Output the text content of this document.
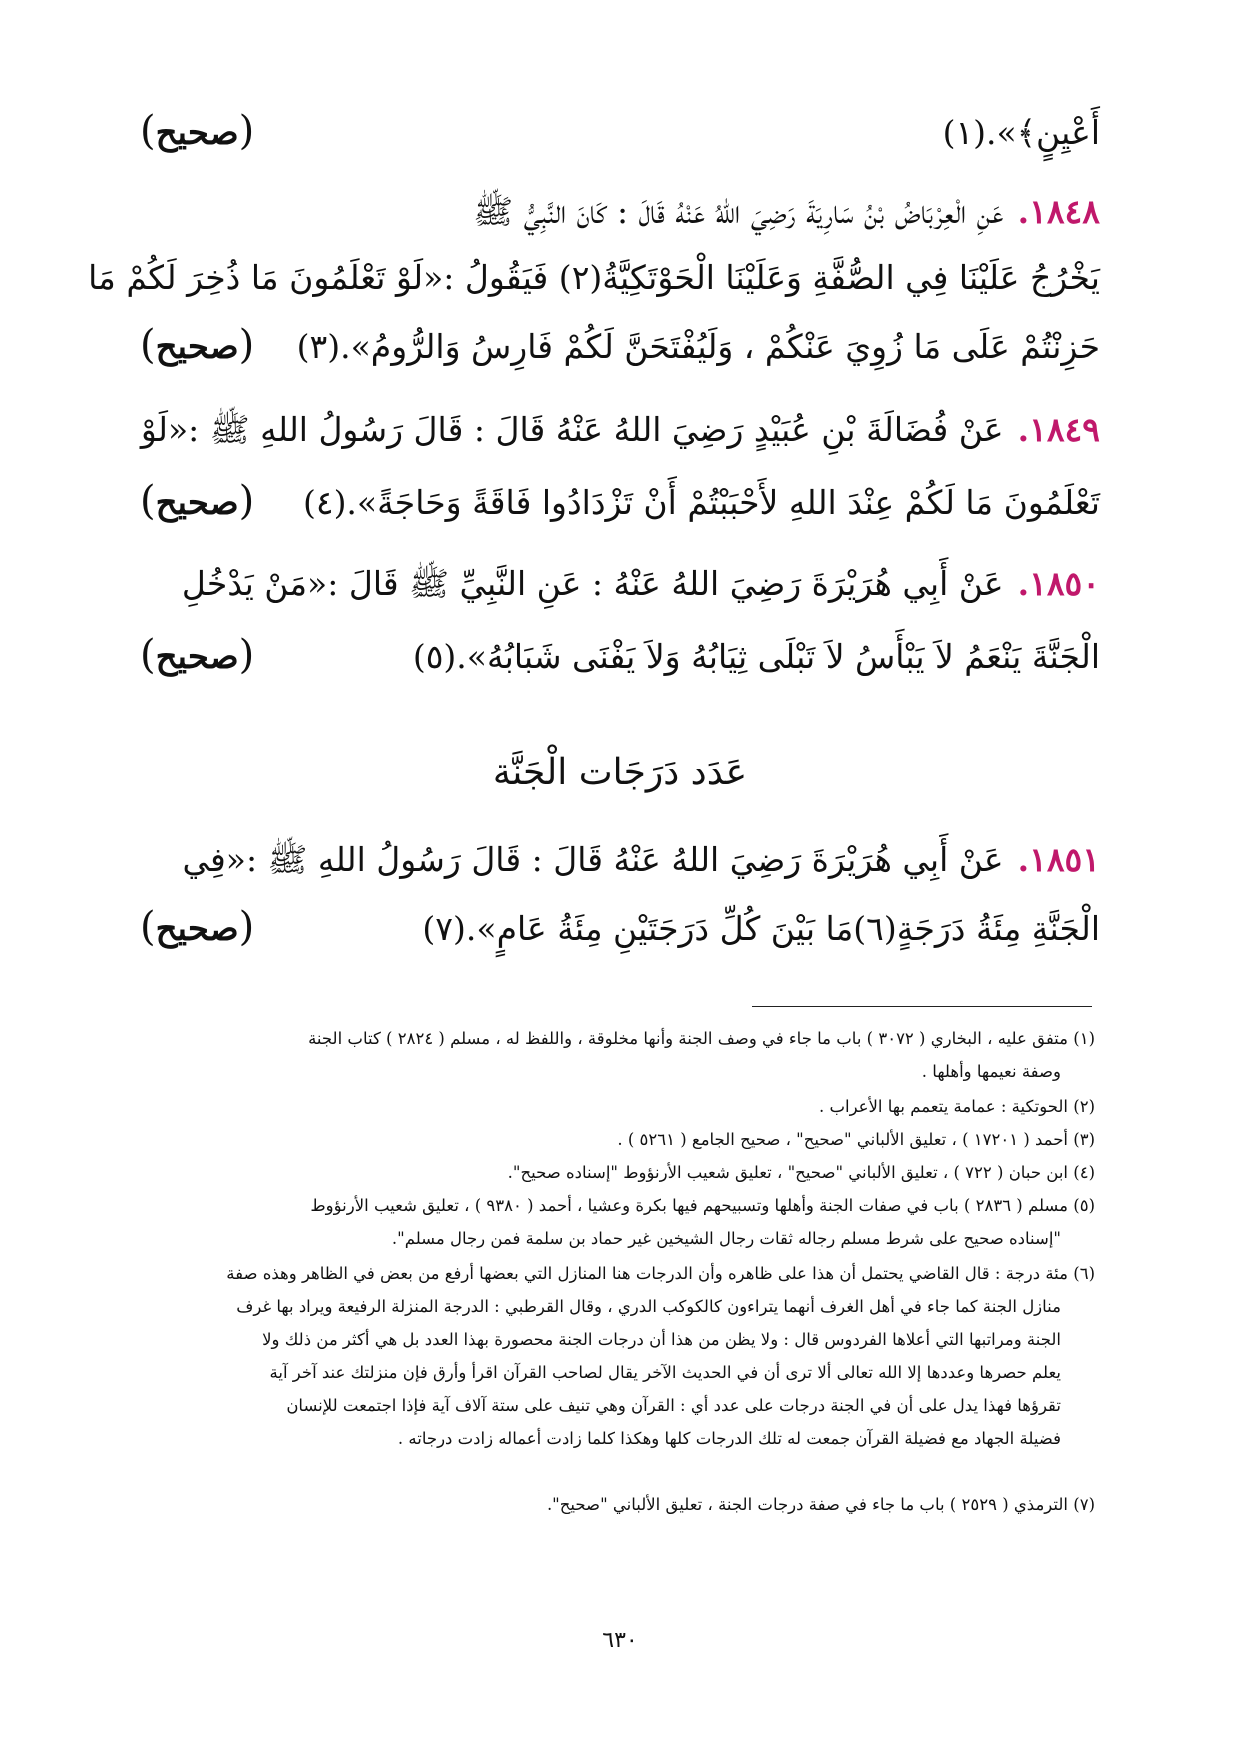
أَعْيِنٍ﴾».(١)
(صحيح)
١٨٤٨.عَنِ الْعِرْبَاضُ بْنُ سَارِيَةَ رَضِيَ اللهُ عَنْهُ قَالَ : كَانَ النَّبِيُّ ﷺ
يَخْرُجُ عَلَيْنَا فِي الصُّفَّةِ وَعَلَيْنَا الْحَوْتَكِيَّةُ(٢) فَيَقُولُ :«لَوْ تَعْلَمُونَ مَا ذُخِرَ لَكُمْ مَا
حَزِنْتُمْ عَلَى مَا زُوِيَ عَنْكُمْ ، وَلَيُفْتَحَنَّ لَكُمْ فَارِسُ وَالرُّومُ».(٣)
(صحيح)
١٨٤٩.عَنْ فُضَالَةَ بْنِ عُبَيْدٍ رَضِيَ اللهُ عَنْهُ قَالَ : قَالَ رَسُولُ اللهِ ﷺ :«لَوْ
تَعْلَمُونَ مَا لَكُمْ عِنْدَ اللهِ لأَحْبَبْتُمْ أَنْ تَزْدَادُوا فَاقَةً وَحَاجَةً».(٤)
(صحيح)
١٨٥٠.عَنْ أَبِي هُرَيْرَةَ رَضِيَ اللهُ عَنْهُ : عَنِ النَّبِيِّ ﷺ قَالَ :«مَنْ يَدْخُلِ
الْجَنَّةَ يَنْعَمُ لاَ يَبْأَسُ لاَ تَبْلَى ثِيَابُهُ وَلاَ يَفْنَى شَبَابُهُ».(٥)
(صحيح)
عَدَد دَرَجَات الْجَنَّة
١٨٥١.عَنْ أَبِي هُرَيْرَةَ رَضِيَ اللهُ عَنْهُ قَالَ : قَالَ رَسُولُ اللهِ ﷺ :«فِي
الْجَنَّةِ مِئَةُ دَرَجَةٍ(٦)مَا بَيْنَ كُلِّ دَرَجَتَيْنِ مِئَةُ عَامٍ».(٧)
(صحيح)
(١) متفق عليه ، البخاري ( ٣٠٧٢ ) باب ما جاء في وصف الجنة وأنها مخلوقة ، واللفظ له ، مسلم ( ٢٨٢٤ ) كتاب الجنة
وصفة نعيمها وأهلها .
(٢) الحوتكية : عمامة يتعمم بها الأعراب .
(٣) أحمد ( ١٧٢٠١ ) ، تعليق الألباني "صحيح" ، صحيح الجامع ( ٥٢٦١ ) .
(٤) ابن حبان ( ٧٢٢ ) ، تعليق الألباني "صحيح" ، تعليق شعيب الأرنؤوط "إسناده صحيح".
(٥) مسلم ( ٢٨٣٦ ) باب في صفات الجنة وأهلها وتسبيحهم فيها بكرة وعشيا ، أحمد ( ٩٣٨٠ ) ، تعليق شعيب الأرنؤوط
"إسناده صحيح على شرط مسلم رجاله ثقات رجال الشيخين غير حماد بن سلمة فمن رجال مسلم".
(٦) مئة درجة : قال القاضي يحتمل أن هذا على ظاهره وأن الدرجات هنا المنازل التي بعضها أرفع من بعض في الظاهر وهذه صفة
منازل الجنة كما جاء في أهل الغرف أنهما يتراءون كالكوكب الدري ، وقال القرطبي : الدرجة المنزلة الرفيعة ويراد بها غرف
الجنة ومراتبها التي أعلاها الفردوس قال : ولا يظن من هذا أن درجات الجنة محصورة بهذا العدد بل هي أكثر من ذلك ولا
يعلم حصرها وعددها إلا الله تعالى ألا ترى أن في الحديث الآخر يقال لصاحب القرآن اقرأ وأرق فإن منزلتك عند آخر آية
تقرؤها فهذا يدل على أن في الجنة درجات على عدد أي : القرآن وهي تنيف على ستة آلاف آية فإذا اجتمعت للإنسان
فضيلة الجهاد مع فضيلة القرآن جمعت له تلك الدرجات كلها وهكذا كلما زادت أعماله زادت درجاته .
(٧) الترمذي ( ٢٥٢٩ ) باب ما جاء في صفة درجات الجنة ، تعليق الألباني "صحيح".
٦٣٠
